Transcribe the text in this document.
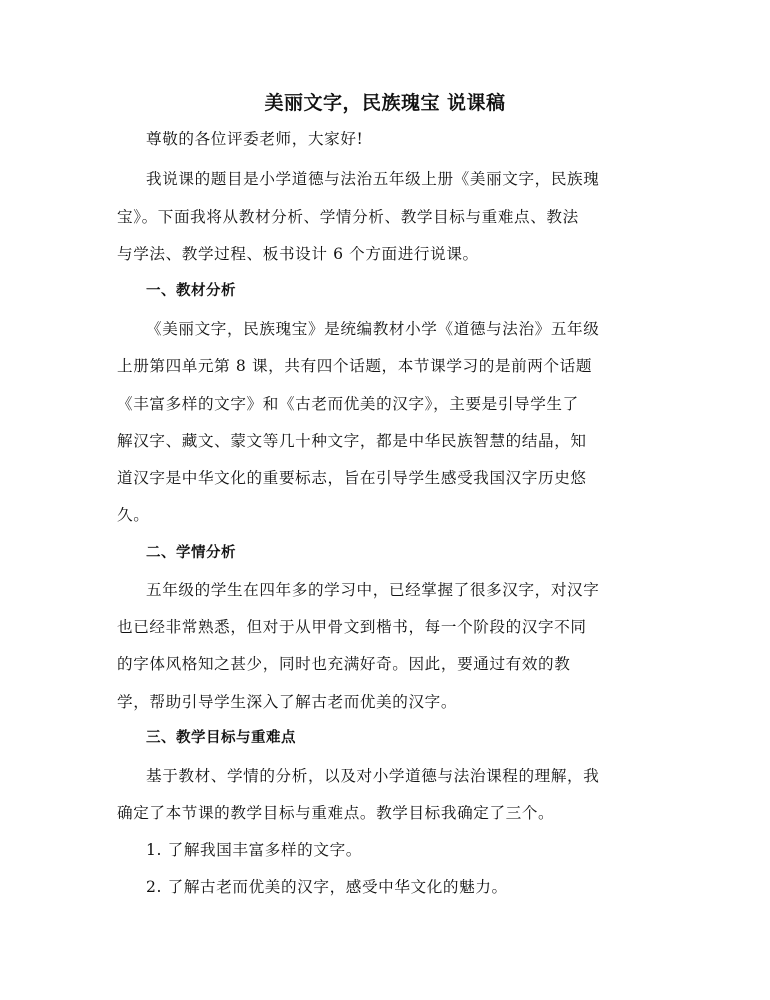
美丽文字，民族瑰宝 说课稿
尊敬的各位评委老师，大家好!
我说课的题目是小学道德与法治五年级上册《美丽文字，民族瑰
宝》。下面我将从教材分析、学情分析、教学目标与重难点、教法
与学法、教学过程、板书设计 6 个方面进行说课。
一、教材分析
《美丽文字，民族瑰宝》是统编教材小学《道德与法治》五年级
上册第四单元第 8 课，共有四个话题，本节课学习的是前两个话题
《丰富多样的文字》和《古老而优美的汉字》，主要是引导学生了
解汉字、藏文、蒙文等几十种文字，都是中华民族智慧的结晶，知
道汉字是中华文化的重要标志，旨在引导学生感受我国汉字历史悠
久。
二、学情分析
五年级的学生在四年多的学习中，已经掌握了很多汉字，对汉字
也已经非常熟悉，但对于从甲骨文到楷书，每一个阶段的汉字不同
的字体风格知之甚少，同时也充满好奇。因此，要通过有效的教
学，帮助引导学生深入了解古老而优美的汉字。
三、教学目标与重难点
基于教材、学情的分析，以及对小学道德与法治课程的理解，我
确定了本节课的教学目标与重难点。教学目标我确定了三个。
1. 了解我国丰富多样的文字。
2. 了解古老而优美的汉字，感受中华文化的魅力。
